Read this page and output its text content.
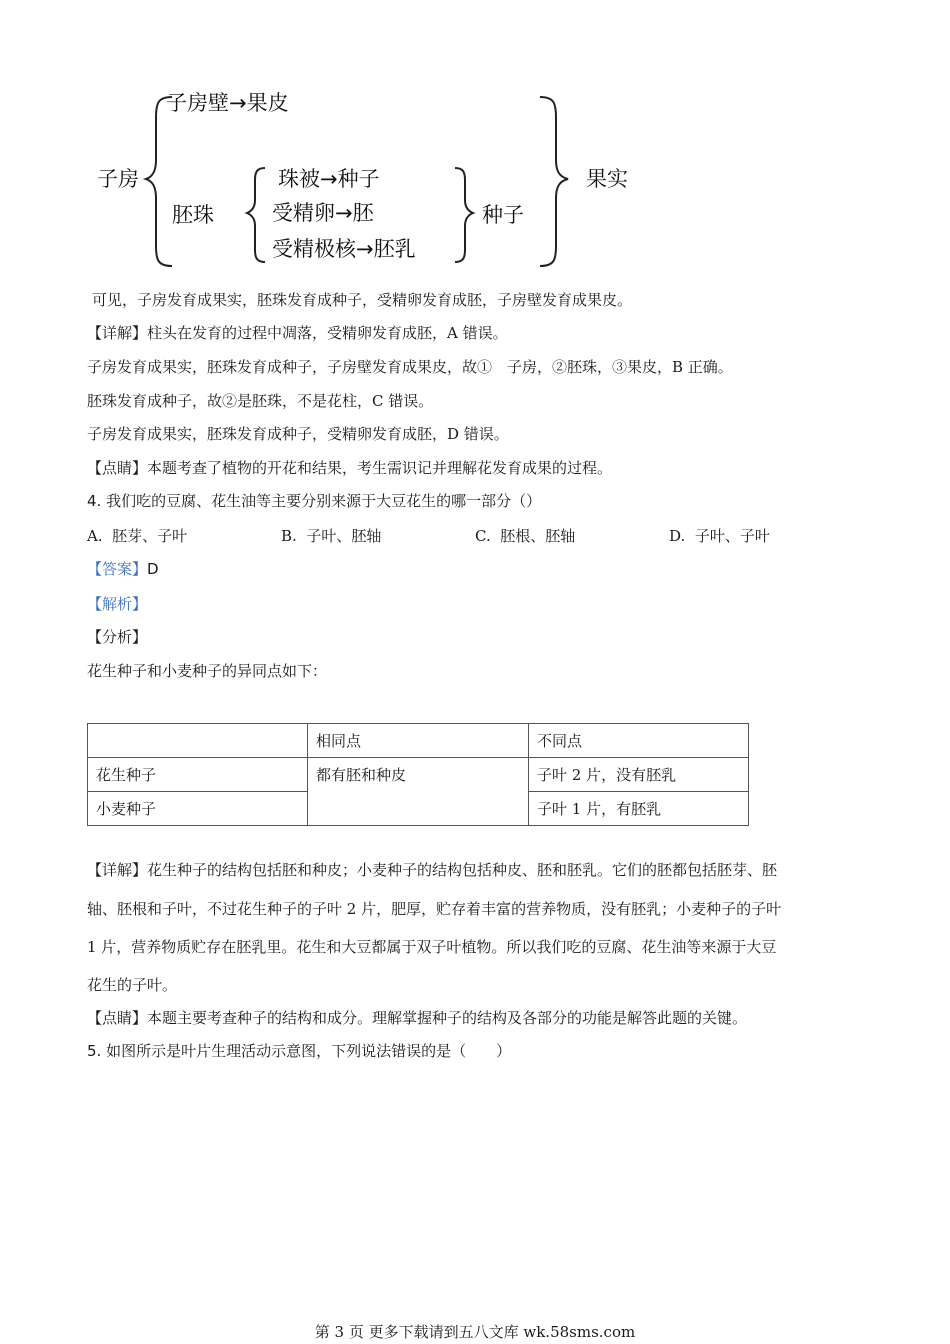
子房
子房壁→果皮
胚珠
珠被→种子
受精卵→胚
受精极核→胚乳
种子
果实
可见，子房发育成果实，胚珠发育成种子，受精卵发育成胚，子房壁发育成果皮。
【详解】柱头在发育的过程中凋落，受精卵发育成胚，A 错误。
子房发育成果实，胚珠发育成种子，子房壁发育成果皮，故①　子房，②胚珠，③果皮，B 正确。
胚珠发育成种子，故②是胚珠，不是花柱，C 错误。
子房发育成果实，胚珠发育成种子，受精卵发育成胚，D 错误。
【点睛】本题考查了植物的开花和结果，考生需识记并理解花发育成果的过程。
4. 我们吃的豆腐、花生油等主要分别来源于大豆花生的哪一部分（）
A. 胚芽、子叶	B. 子叶、胚轴	C. 胚根、胚轴	D. 子叶、子叶
【答案】D
【解析】
【分析】
花生种子和小麦种子的异同点如下：
	相同点	不同点
花生种子	都有胚和种皮	子叶 2 片，没有胚乳
小麦种子		子叶 1 片，有胚乳
【详解】花生种子的结构包括胚和种皮；小麦种子的结构包括种皮、胚和胚乳。它们的胚都包括胚芽、胚
轴、胚根和子叶，不过花生种子的子叶 2 片，肥厚，贮存着丰富的营养物质，没有胚乳；小麦种子的子叶
1 片，营养物质贮存在胚乳里。花生和大豆都属于双子叶植物。所以我们吃的豆腐、花生油等来源于大豆
花生的子叶。
【点睛】本题主要考查种子的结构和成分。理解掌握种子的结构及各部分的功能是解答此题的关键。
5. 如图所示是叶片生理活动示意图，下列说法错误的是（　　）
第 3 页 更多下载请到五八文库 wk.58sms.com
